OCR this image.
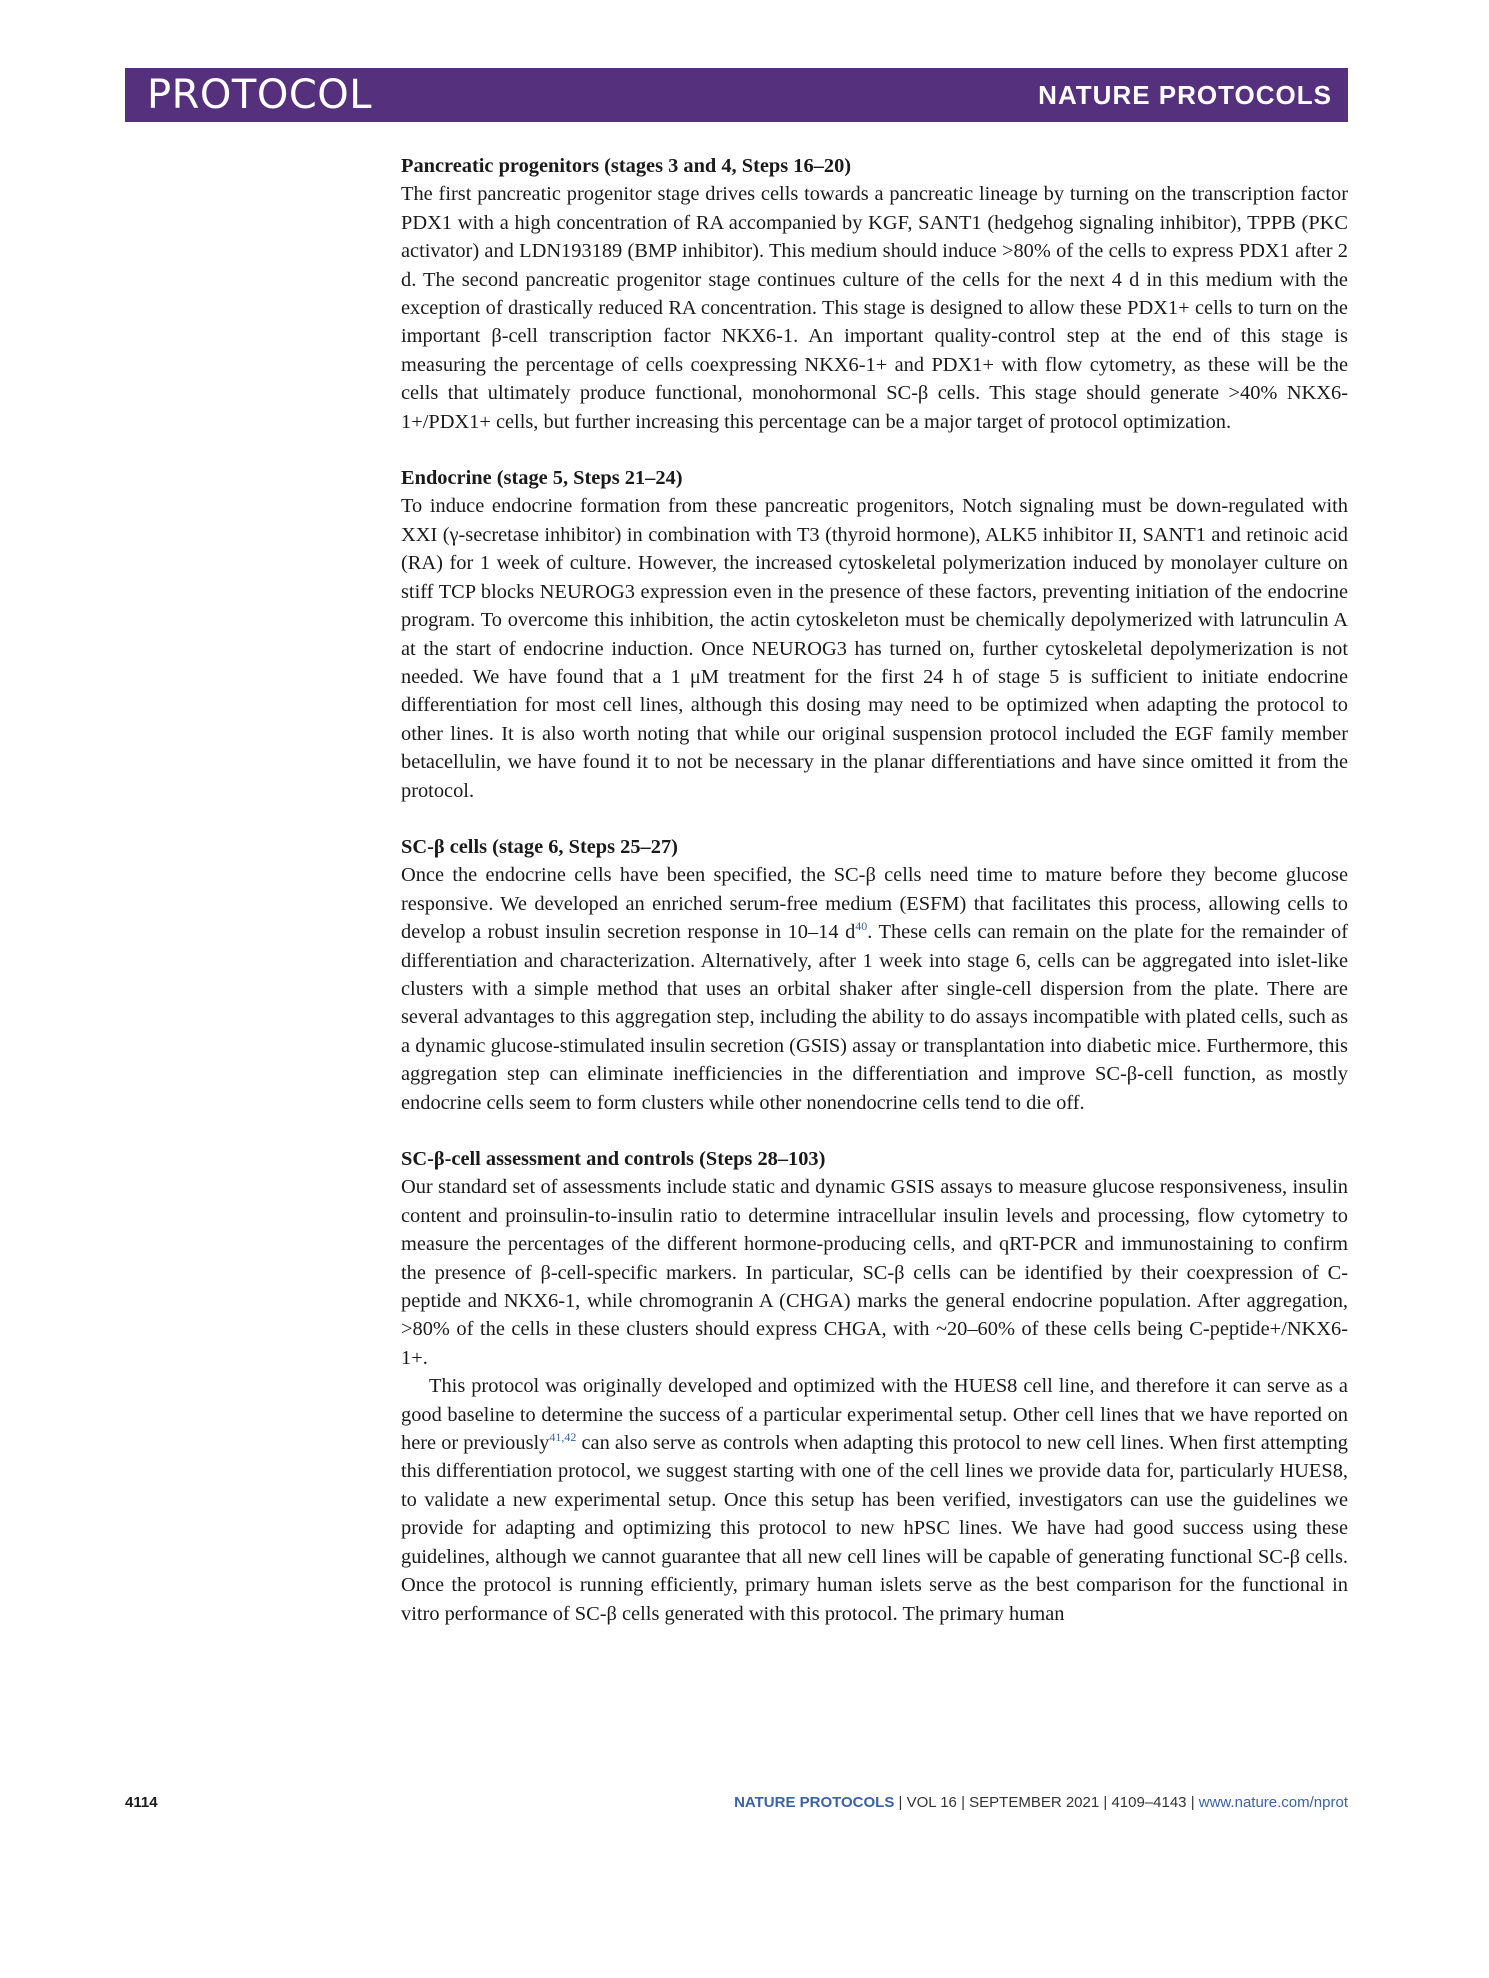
PROTOCOL	NATURE PROTOCOLS
Pancreatic progenitors (stages 3 and 4, Steps 16–20)

The first pancreatic progenitor stage drives cells towards a pancreatic lineage by turning on the transcription factor PDX1 with a high concentration of RA accompanied by KGF, SANT1 (hedgehog signaling inhibitor), TPPB (PKC activator) and LDN193189 (BMP inhibitor). This medium should induce >80% of the cells to express PDX1 after 2 d. The second pancreatic progenitor stage continues culture of the cells for the next 4 d in this medium with the exception of drastically reduced RA concentration. This stage is designed to allow these PDX1+ cells to turn on the important β-cell transcription factor NKX6-1. An important quality-control step at the end of this stage is measuring the percentage of cells coexpressing NKX6-1+ and PDX1+ with flow cytometry, as these will be the cells that ultimately produce functional, monohormonal SC-β cells. This stage should generate >40% NKX6-1+/PDX1+ cells, but further increasing this percentage can be a major target of protocol optimization.

Endocrine (stage 5, Steps 21–24)

To induce endocrine formation from these pancreatic progenitors, Notch signaling must be down-regulated with XXI (γ-secretase inhibitor) in combination with T3 (thyroid hormone), ALK5 inhibitor II, SANT1 and retinoic acid (RA) for 1 week of culture. However, the increased cytoskeletal polymerization induced by monolayer culture on stiff TCP blocks NEUROG3 expression even in the presence of these factors, preventing initiation of the endocrine program. To overcome this inhibition, the actin cytoskeleton must be chemically depolymerized with latrunculin A at the start of endocrine induction. Once NEUROG3 has turned on, further cytoskeletal depolymerization is not needed. We have found that a 1 μM treatment for the first 24 h of stage 5 is sufficient to initiate endocrine differentiation for most cell lines, although this dosing may need to be optimized when adapting the protocol to other lines. It is also worth noting that while our original suspension protocol included the EGF family member betacellulin, we have found it to not be necessary in the planar differentiations and have since omitted it from the protocol.

SC-β cells (stage 6, Steps 25–27)

Once the endocrine cells have been specified, the SC-β cells need time to mature before they become glucose responsive. We developed an enriched serum-free medium (ESFM) that facilitates this process, allowing cells to develop a robust insulin secretion response in 10–14 d$^{40}$. These cells can remain on the plate for the remainder of differentiation and characterization. Alternatively, after 1 week into stage 6, cells can be aggregated into islet-like clusters with a simple method that uses an orbital shaker after single-cell dispersion from the plate. There are several advantages to this aggregation step, including the ability to do assays incompatible with plated cells, such as a dynamic glucose-stimulated insulin secretion (GSIS) assay or transplantation into diabetic mice. Furthermore, this aggregation step can eliminate inefficiencies in the differentiation and improve SC-β-cell function, as mostly endocrine cells seem to form clusters while other nonendocrine cells tend to die off.

SC-β-cell assessment and controls (Steps 28–103)

Our standard set of assessments include static and dynamic GSIS assays to measure glucose responsiveness, insulin content and proinsulin-to-insulin ratio to determine intracellular insulin levels and processing, flow cytometry to measure the percentages of the different hormone-producing cells, and qRT-PCR and immunostaining to confirm the presence of β-cell-specific markers. In particular, SC-β cells can be identified by their coexpression of C-peptide and NKX6-1, while chromogranin A (CHGA) marks the general endocrine population. After aggregation, >80% of the cells in these clusters should express CHGA, with ~20–60% of these cells being C-peptide+/NKX6-1+.

This protocol was originally developed and optimized with the HUES8 cell line, and therefore it can serve as a good baseline to determine the success of a particular experimental setup. Other cell lines that we have reported on here or previously$^{41,42}$ can also serve as controls when adapting this protocol to new cell lines. When first attempting this differentiation protocol, we suggest starting with one of the cell lines we provide data for, particularly HUES8, to validate a new experimental setup. Once this setup has been verified, investigators can use the guidelines we provide for adapting and optimizing this protocol to new hPSC lines. We have had good success using these guidelines, although we cannot guarantee that all new cell lines will be capable of generating functional SC-β cells. Once the protocol is running efficiently, primary human islets serve as the best comparison for the functional in vitro performance of SC-β cells generated with this protocol. The primary human

4114	NATURE PROTOCOLS | VOL 16 | SEPTEMBER 2021 | 4109–4143 | www.nature.com/nprot
